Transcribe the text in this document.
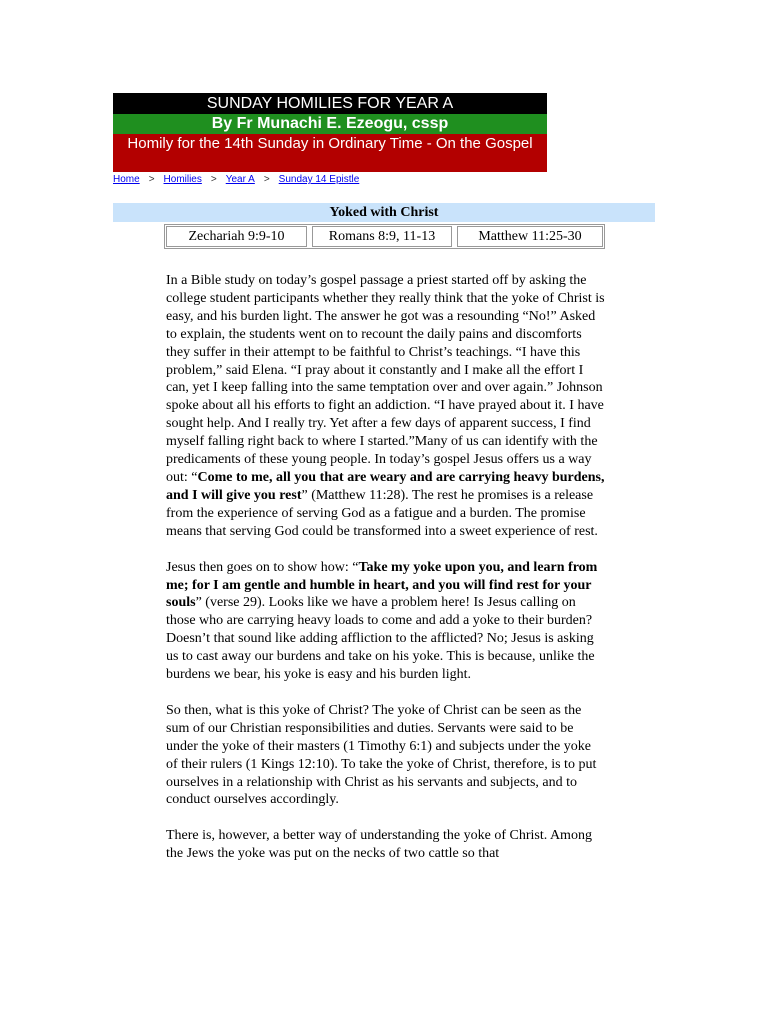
SUNDAY HOMILIES FOR YEAR A
By Fr Munachi E. Ezeogu, cssp
Homily for the 14th Sunday in Ordinary Time - On the Gospel
Home > Homilies > Year A > Sunday 14 Epistle
Yoked with Christ
Zechariah 9:9-10	Romans 8:9, 11-13	Matthew 11:25-30

In a Bible study on today’s gospel passage a priest started off by asking the college student participants whether they really think that the yoke of Christ is easy, and his burden light. The answer he got was a resounding “No!” Asked to explain, the students went on to recount the daily pains and discomforts they suffer in their attempt to be faithful to Christ’s teachings. “I have this problem,” said Elena. “I pray about it constantly and I make all the effort I can, yet I keep falling into the same temptation over and over again.” Johnson spoke about all his efforts to fight an addiction. “I have prayed about it. I have sought help. And I really try. Yet after a few days of apparent success, I find myself falling right back to where I started.”Many of us can identify with the predicaments of these young people. In today’s gospel Jesus offers us a way out: “Come to me, all you that are weary and are carrying heavy burdens, and I will give you rest” (Matthew 11:28). The rest he promises is a release from the experience of serving God as a fatigue and a burden. The promise means that serving God could be transformed into a sweet experience of rest.

Jesus then goes on to show how: “Take my yoke upon you, and learn from me; for I am gentle and humble in heart, and you will find rest for your souls” (verse 29). Looks like we have a problem here! Is Jesus calling on those who are carrying heavy loads to come and add a yoke to their burden? Doesn’t that sound like adding affliction to the afflicted? No; Jesus is asking us to cast away our burdens and take on his yoke. This is because, unlike the burdens we bear, his yoke is easy and his burden light.

So then, what is this yoke of Christ? The yoke of Christ can be seen as the sum of our Christian responsibilities and duties. Servants were said to be under the yoke of their masters (1 Timothy 6:1) and subjects under the yoke of their rulers (1 Kings 12:10). To take the yoke of Christ, therefore, is to put ourselves in a relationship with Christ as his servants and subjects, and to conduct ourselves accordingly.

There is, however, a better way of understanding the yoke of Christ. Among the Jews the yoke was put on the necks of two cattle so that
